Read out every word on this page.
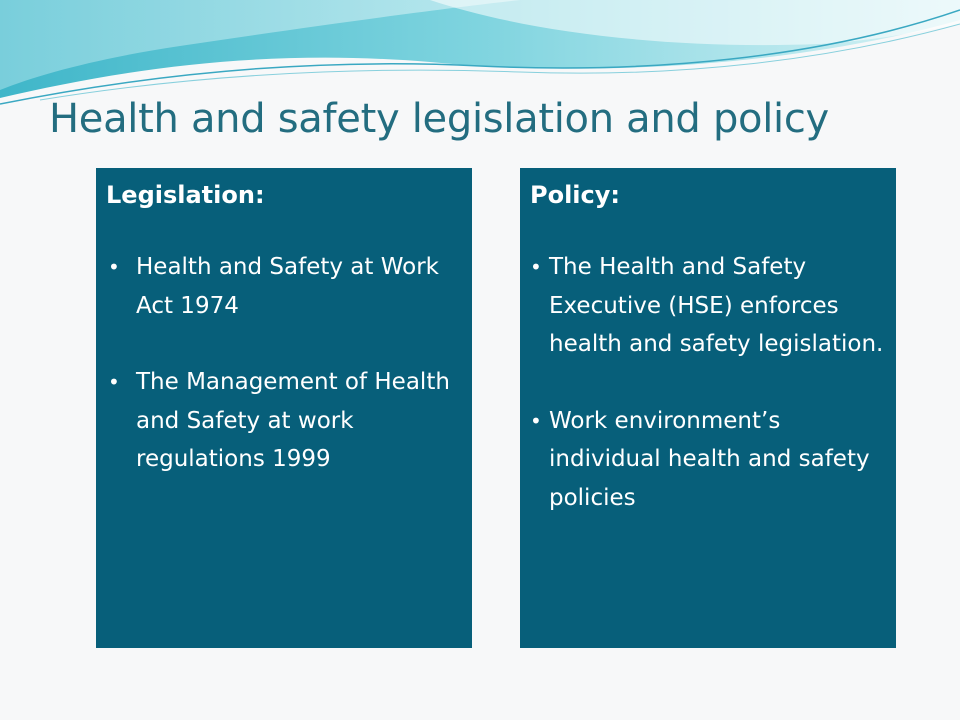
Health and safety legislation and policy
Legislation:
• Health and Safety at Work Act 1974
• The Management of Health and Safety at work regulations 1999
Policy:
• The Health and Safety Executive (HSE) enforces health and safety legislation.
• Work environment’s individual health and safety policies
